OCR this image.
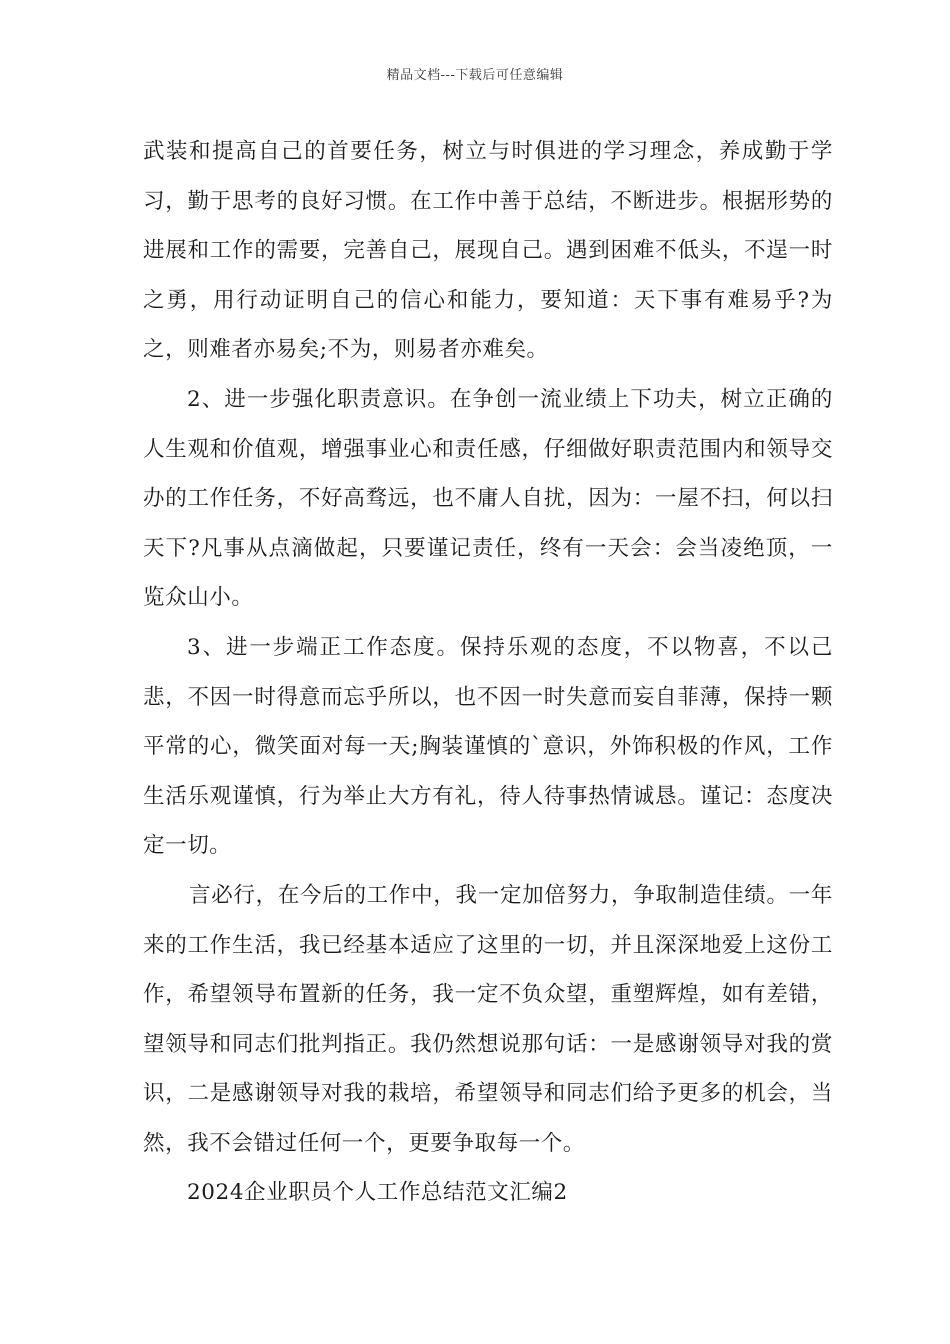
精品文档---下载后可任意编辑

武装和提高自己的首要任务，树立与时俱进的学习理念，养成勤于学习，勤于思考的良好习惯。在工作中善于总结，不断进步。根据形势的进展和工作的需要，完善自己，展现自己。遇到困难不低头，不逞一时之勇，用行动证明自己的信心和能力，要知道：天下事有难易乎?为之，则难者亦易矣;不为，则易者亦难矣。

2、进一步强化职责意识。在争创一流业绩上下功夫，树立正确的人生观和价值观，增强事业心和责任感，仔细做好职责范围内和领导交办的工作任务，不好高骛远，也不庸人自扰，因为：一屋不扫，何以扫天下?凡事从点滴做起，只要谨记责任，终有一天会：会当凌绝顶，一览众山小。

3、进一步端正工作态度。保持乐观的态度，不以物喜，不以己悲，不因一时得意而忘乎所以，也不因一时失意而妄自菲薄，保持一颗平常的心，微笑面对每一天;胸装谨慎的`意识，外饰积极的作风，工作生活乐观谨慎，行为举止大方有礼，待人待事热情诚恳。谨记：态度决定一切。

言必行，在今后的工作中，我一定加倍努力，争取制造佳绩。一年来的工作生活，我已经基本适应了这里的一切，并且深深地爱上这份工作，希望领导布置新的任务，我一定不负众望，重塑辉煌，如有差错，望领导和同志们批判指正。我仍然想说那句话：一是感谢领导对我的赏识，二是感谢领导对我的栽培，希望领导和同志们给予更多的机会，当然，我不会错过任何一个，更要争取每一个。

2024企业职员个人工作总结范文汇编2
